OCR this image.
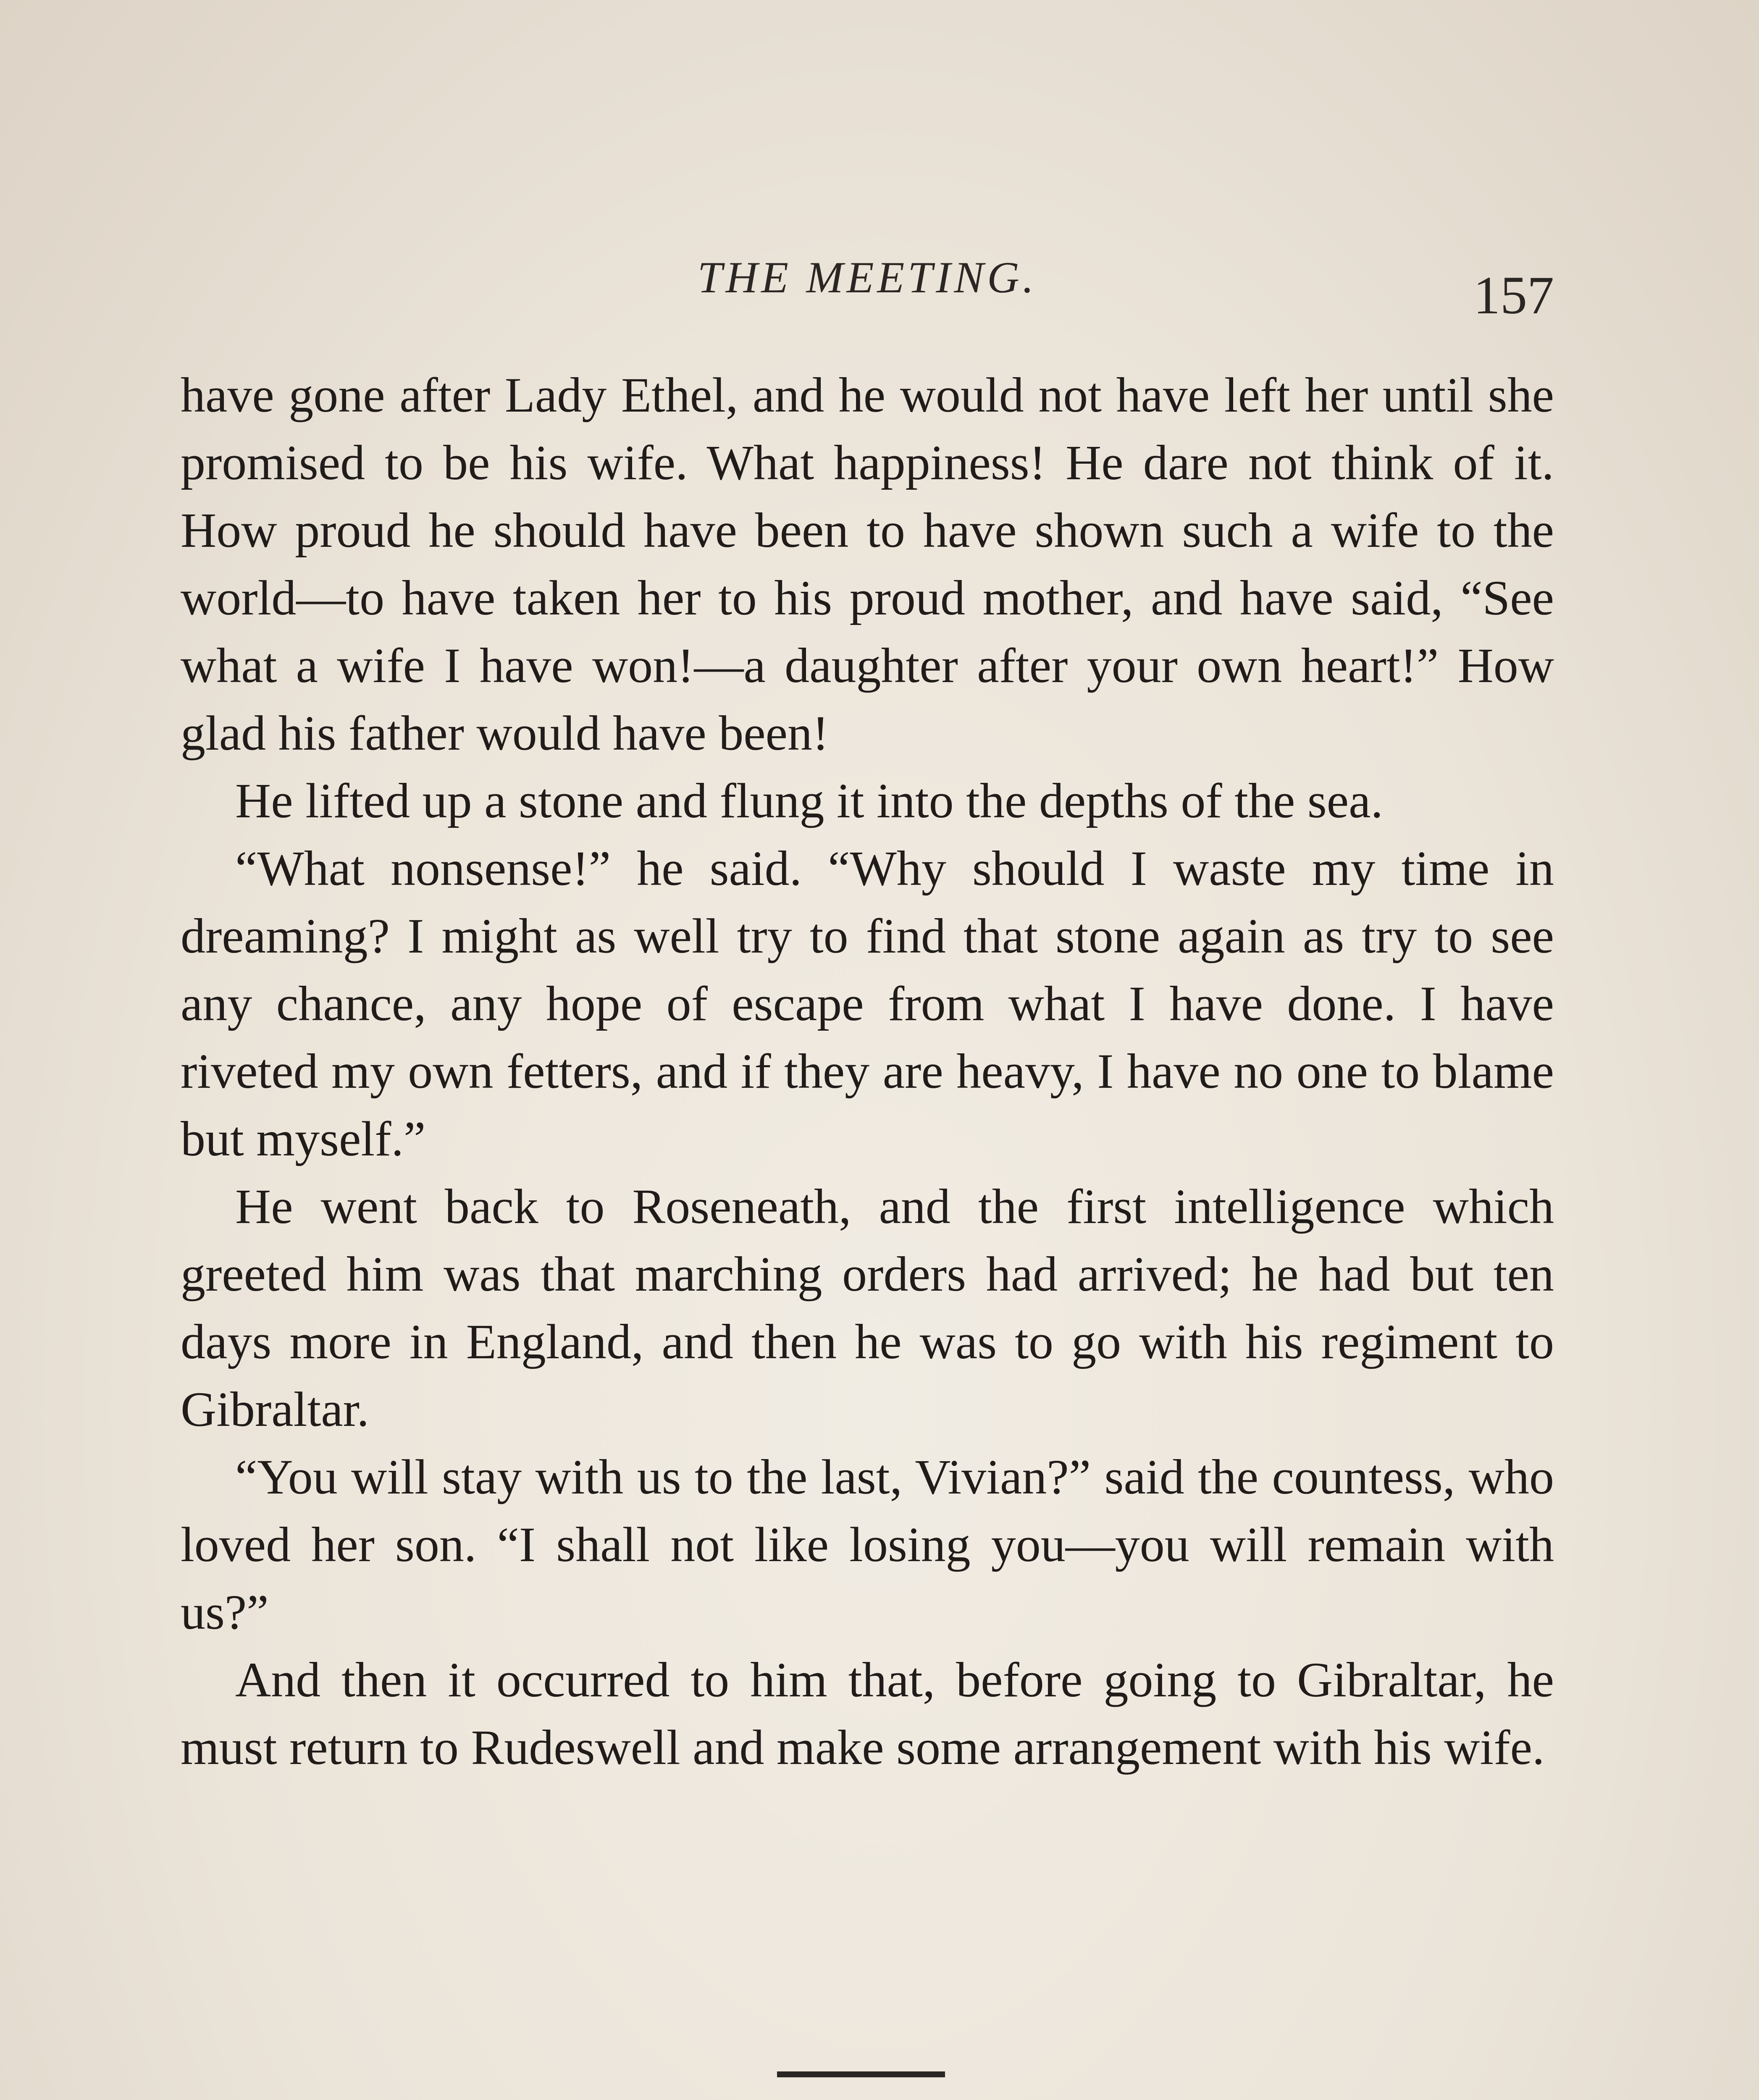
THE MEETING.	157

have gone after Lady Ethel, and he would not have left her until she promised to be his wife. What happiness! He dare not think of it. How proud he should have been to have shown such a wife to the world—to have taken her to his proud mother, and have said, “See what a wife I have won!—a daughter after your own heart!” How glad his father would have been!

He lifted up a stone and flung it into the depths of the sea.

“What nonsense!” he said. “Why should I waste my time in dreaming? I might as well try to find that stone again as try to see any chance, any hope of escape from what I have done. I have riveted my own fetters, and if they are heavy, I have no one to blame but myself.”

He went back to Roseneath, and the first intelligence which greeted him was that marching orders had arrived; he had but ten days more in England, and then he was to go with his regiment to Gibraltar.

“You will stay with us to the last, Vivian?” said the countess, who loved her son. “I shall not like losing you—you will remain with us?”

And then it occurred to him that, before going to Gibraltar, he must return to Rudeswell and make some arrangement with his wife.
